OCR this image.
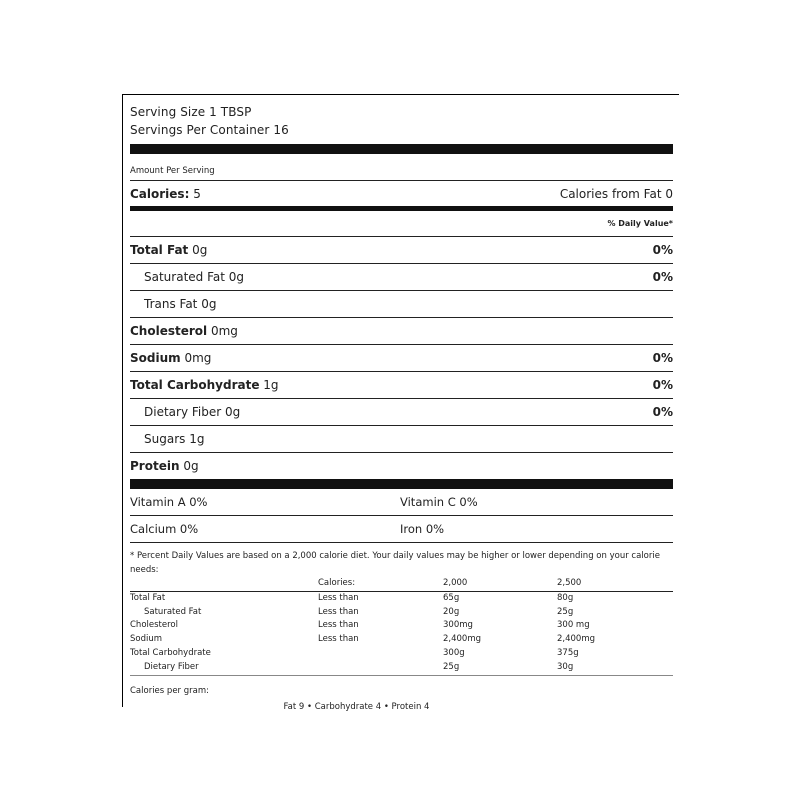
Serving Size 1 TBSP
Servings Per Container 16
Amount Per Serving
Calories: 5	Calories from Fat 0
% Daily Value*
Total Fat 0g	0%
Saturated Fat 0g	0%
Trans Fat 0g
Cholesterol 0mg
Sodium 0mg	0%
Total Carbohydrate 1g	0%
Dietary Fiber 0g	0%
Sugars 1g
Protein 0g
Vitamin A 0%	Vitamin C 0%
Calcium 0%	Iron 0%
* Percent Daily Values are based on a 2,000 calorie diet. Your daily values may be higher or lower depending on your calorie needs:
	Calories:	2,000	2,500
Total Fat	Less than	65g	80g
Saturated Fat	Less than	20g	25g
Cholesterol	Less than	300mg	300 mg
Sodium	Less than	2,400mg	2,400mg
Total Carbohydrate		300g	375g
Dietary Fiber		25g	30g
Calories per gram:
Fat 9 • Carbohydrate 4 • Protein 4
